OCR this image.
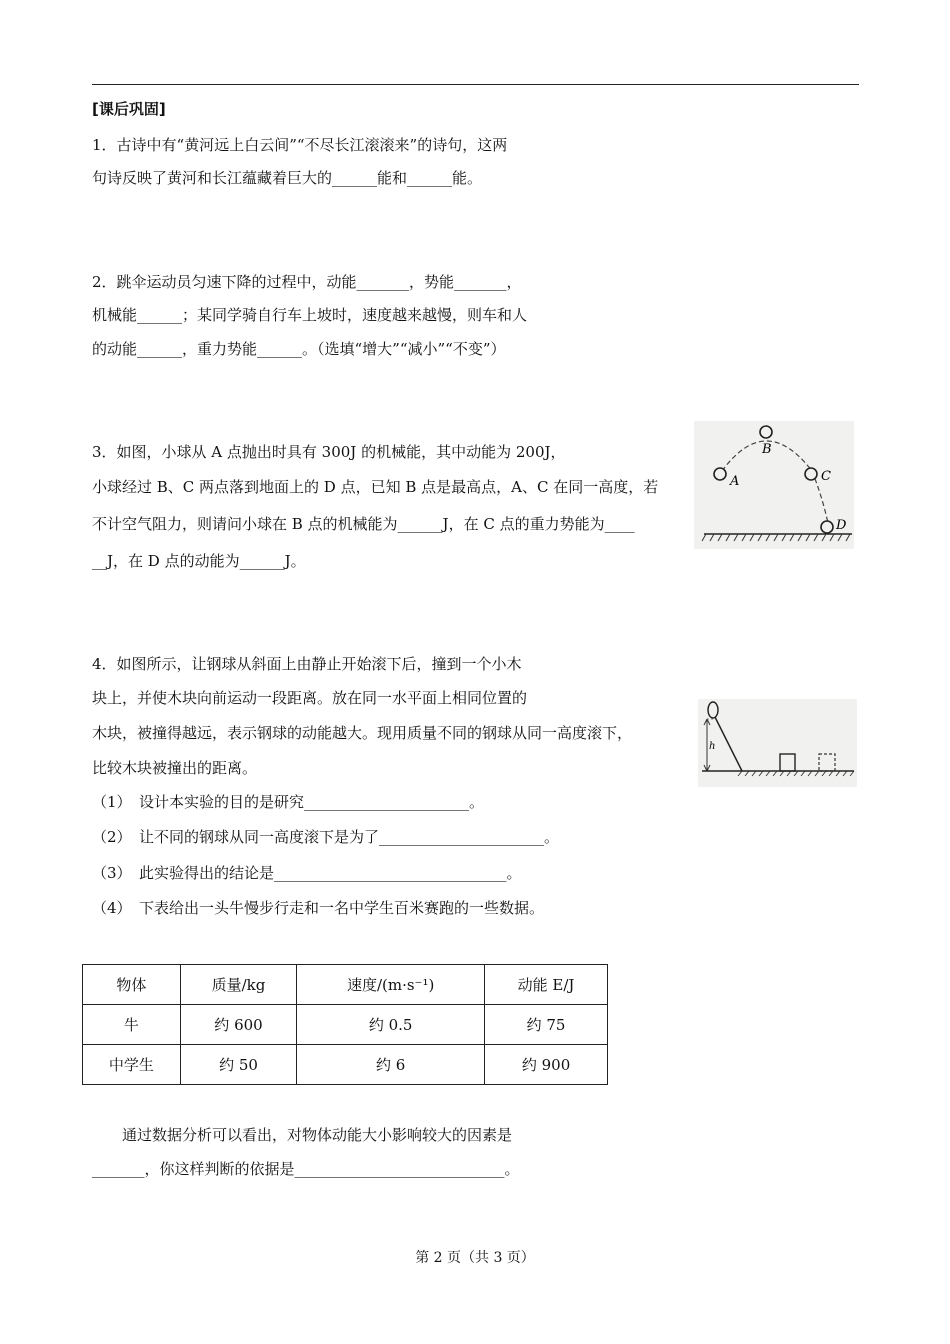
[课后巩固]
1．古诗中有“黄河远上白云间”“不尽长江滚滚来”的诗句，这两
句诗反映了黄河和长江蕴藏着巨大的______能和______能。
2．跳伞运动员匀速下降的过程中，动能_______，势能_______，
机械能______；某同学骑自行车上坡时，速度越来越慢，则车和人
的动能______，重力势能______。（选填“增大”“减小”“不变”）
3．如图，小球从 A 点抛出时具有 300J 的机械能，其中动能为 200J，
小球经过 B、C 两点落到地面上的 D 点，已知 B 点是最高点，A、C 在同一高度，若
不计空气阻力，则请问小球在 B 点的机械能为______J，在 C 点的重力势能为____
__J，在 D 点的动能为______J。
A
B
C
D
4．如图所示，让钢球从斜面上由静止开始滚下后，撞到一个小木
块上，并使木块向前运动一段距离。放在同一水平面上相同位置的
木块，被撞得越远，表示钢球的动能越大。现用质量不同的钢球从同一高度滚下，
比较木块被撞出的距离。
h
（1）　设计本实验的目的是研究______________________。
（2）　让不同的钢球从同一高度滚下是为了______________________。
（3）　此实验得出的结论是_______________________________。
（4）　下表给出一头牛慢步行走和一名中学生百米赛跑的一些数据。
物体	质量/kg	速度/(m·s⁻¹)	动能 E/J
牛	约 600	约 0.5	约 75
中学生	约 50	约 6	约 900
　　通过数据分析可以看出，对物体动能大小影响较大的因素是
_______，你这样判断的依据是____________________________。
第 2 页（共 3 页）
